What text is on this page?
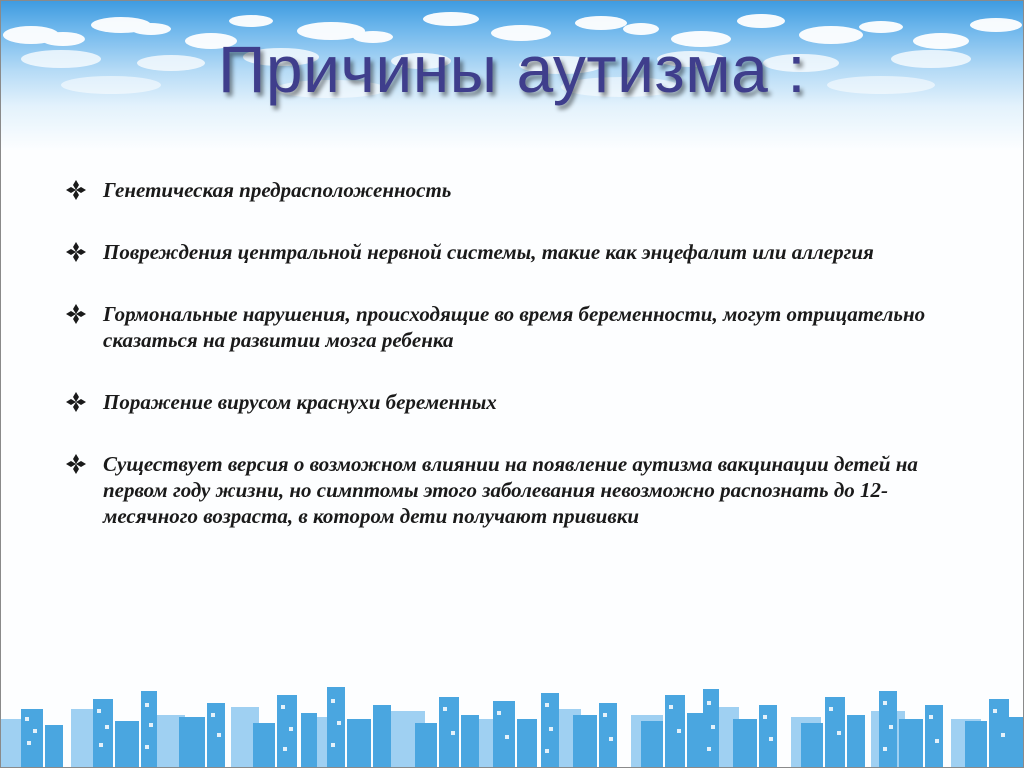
Причины аутизма :
Генетическая предрасположенность
Повреждения центральной нервной системы, такие как энцефалит или аллергия
Гормональные нарушения, происходящие во время беременности, могут отрицательно сказаться на развитии мозга ребенка
Поражение вирусом краснухи беременных
Существует версия о возможном влиянии на появление аутизма вакцинации детей на первом году жизни, но симптомы этого заболевания невозможно распознать до 12-месячного возраста, в котором дети получают прививки
